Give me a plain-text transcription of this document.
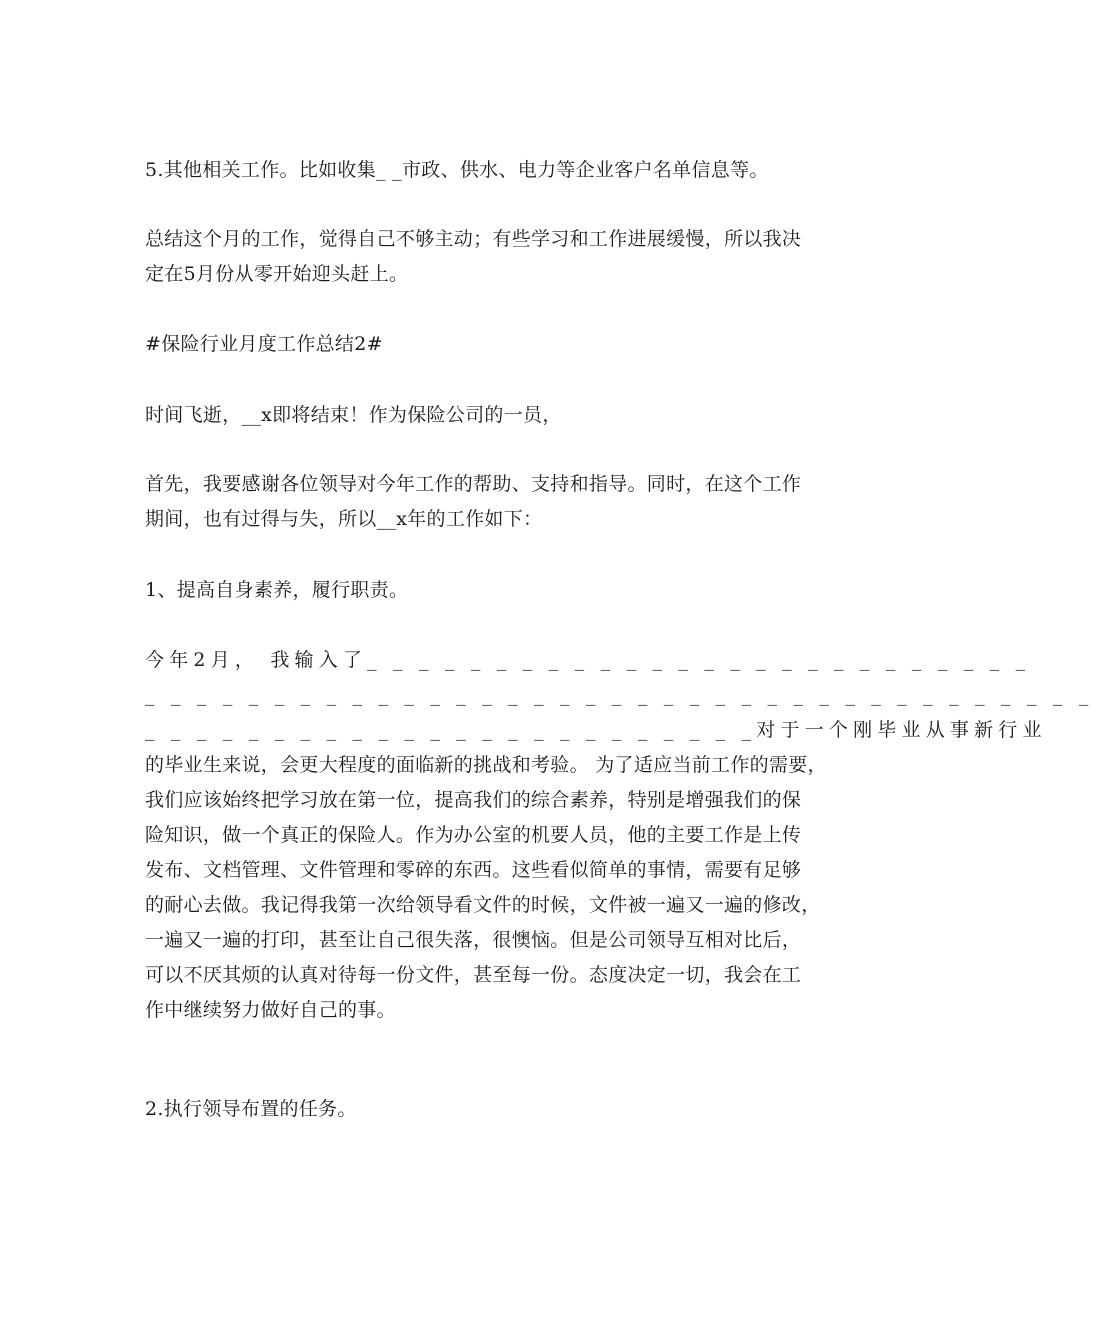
5.其他相关工作。比如收集_ _市政、供水、电力等企业客户名单信息等。
总结这个月的工作，觉得自己不够主动；有些学习和工作进展缓慢，所以我决
定在5月份从零开始迎头赶上。
#保险行业月度工作总结2#
时间飞逝，__x即将结束！作为保险公司的一员，
首先，我要感谢各位领导对今年工作的帮助、支持和指导。同时，在这个工作
期间，也有过得与失，所以__x年的工作如下：
1、提高自身素养，履行职责。
今年2月， 我输入了_ _ _ _ _ _ _ _ _ _ _ _ _ _ _ _ _ _ _ _ _ _ _ _ _ _
_ _ _ _ _ _ _ _ _ _ _ _ _ _ _ _ _ _ _ _ _ _ _ _ _ _ _ _ _ _ _ _ _ _ _ _ _
_ _ _ _ _ _ _ _ _ _ _ _ _ _ _ _ _ _ _ _ _ _ _ _对于一个刚毕业从事新行业
的毕业生来说，会更大程度的面临新的挑战和考验。 为了适应当前工作的需要，
我们应该始终把学习放在第一位，提高我们的综合素养，特别是增强我们的保
险知识，做一个真正的保险人。作为办公室的机要人员，他的主要工作是上传
发布、文档管理、文件管理和零碎的东西。这些看似简单的事情，需要有足够
的耐心去做。我记得我第一次给领导看文件的时候，文件被一遍又一遍的修改，
一遍又一遍的打印，甚至让自己很失落，很懊恼。但是公司领导互相对比后，
可以不厌其烦的认真对待每一份文件，甚至每一份。态度决定一切，我会在工
作中继续努力做好自己的事。
2.执行领导布置的任务。
